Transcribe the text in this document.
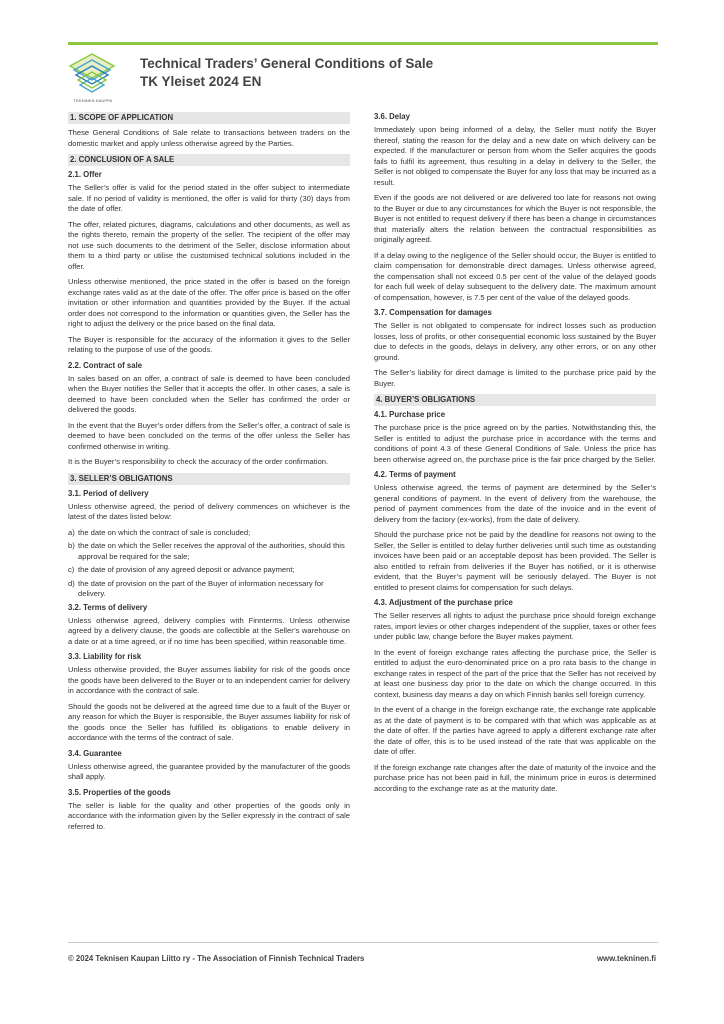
TEKNINEN KAUPPA
Technical Traders’ General Conditions of Sale
TK Yleiset 2024 EN
1. SCOPE OF APPLICATION

These General Conditions of Sale relate to transactions between traders on the domestic market and apply unless otherwise agreed by the Parties.

2. CONCLUSION OF A SALE
2.1. Offer

The Seller’s offer is valid for the period stated in the offer subject to intermediate sale. If no period of validity is mentioned, the offer is valid for thirty (30) days from the date of offer.

The offer, related pictures, diagrams, calculations and other documents, as well as the rights thereto, remain the property of the seller. The recipient of the offer may not use such documents to the detriment of the Seller, disclose information about them to a third party or utilise the customised technical solutions included in the offer.

Unless otherwise mentioned, the price stated in the offer is based on the foreign exchange rates valid as at the date of the offer. The offer price is based on the offer invitation or other information and quantities provided by the Buyer. If the actual order does not correspond to the information or quantities given, the Seller has the right to adjust the delivery or the price based on the final data.

The Buyer is responsible for the accuracy of the information it gives to the Seller relating to the purpose of use of the goods.

2.2. Contract of sale

In sales based on an offer, a contract of sale is deemed to have been concluded when the Buyer notifies the Seller that it accepts the offer. In other cases, a sale is deemed to have been concluded when the Seller has confirmed the order or delivered the goods.

In the event that the Buyer’s order differs from the Seller’s offer, a contract of sale is deemed to have been concluded on the terms of the offer unless the Seller has confirmed otherwise in writing.

It is the Buyer’s responsibility to check the accuracy of the order confirmation.

3. SELLER’S OBLIGATIONS
3.1. Period of delivery

Unless otherwise agreed, the period of delivery commences on whichever is the latest of the dates listed below:

a) the date on which the contract of sale is concluded;
b) the date on which the Seller receives the approval of the authorities, should this approval be required for the sale;
c) the date of provision of any agreed deposit or advance payment;
d) the date of provision on the part of the Buyer of information necessary for delivery.
3.2. Terms of delivery

Unless otherwise agreed, delivery complies with Finnterms. Unless otherwise agreed by a delivery clause, the goods are collectible at the Seller’s warehouse on a date or at a time agreed, or if no time has been specified, within reasonable time.

3.3. Liability for risk

Unless otherwise provided, the Buyer assumes liability for risk of the goods once the goods have been delivered to the Buyer or to an independent carrier for delivery in accordance with the contract of sale.

Should the goods not be delivered at the agreed time due to a fault of the Buyer or any reason for which the Buyer is responsible, the Buyer assumes liability for risk of the goods once the Seller has fulfilled its obligations to enable delivery in accordance with the terms of the contract of sale.

3.4. Guarantee

Unless otherwise agreed, the guarantee provided by the manufacturer of the goods shall apply.

3.5. Properties of the goods

The seller is liable for the quality and other properties of the goods only in accordance with the information given by the Seller expressly in the contract of sale referred to.

3.6. Delay

Immediately upon being informed of a delay, the Seller must notify the Buyer thereof, stating the reason for the delay and a new date on which delivery can be expected. If the manufacturer or person from whom the Seller acquires the goods fails to fulfil its agreement, thus resulting in a delay in delivery to the Seller, the Seller is not obliged to compensate the Buyer for any loss that may be incurred as a result.

Even if the goods are not delivered or are delivered too late for reasons not owing to the Buyer or due to any circumstances for which the Buyer is not responsible, the Buyer is not entitled to request delivery if there has been a change in circumstances that materially alters the relation between the contractual responsibilities as originally agreed.

If a delay owing to the negligence of the Seller should occur, the Buyer is entitled to claim compensation for demonstrable direct damages. Unless otherwise agreed, the compensation shall not exceed 0.5 per cent of the value of the delayed goods for each full week of delay subsequent to the delivery date. The maximum amount of compensation, however, is 7.5 per cent of the value of the delayed goods.

3.7. Compensation for damages

The Seller is not obligated to compensate for indirect losses such as production losses, loss of profits, or other consequential economic loss sustained by the Buyer due to defects in the goods, delays in delivery, any other errors, or on any other ground.

The Seller’s liability for direct damage is limited to the purchase price paid by the Buyer.

4. BUYER’S OBLIGATIONS
4.1. Purchase price

The purchase price is the price agreed on by the parties. Notwithstanding this, the Seller is entitled to adjust the purchase price in accordance with the terms and conditions of point 4.3 of these General Conditions of Sale. Unless the price has been otherwise agreed on, the purchase price is the fair price charged by the Seller.

4.2. Terms of payment

Unless otherwise agreed, the terms of payment are determined by the Seller’s general conditions of payment. In the event of delivery from the warehouse, the period of payment commences from the date of the invoice and in the event of delivery from the factory (ex-works), from the date of delivery.

Should the purchase price not be paid by the deadline for reasons not owing to the Seller, the Seller is entitled to delay further deliveries until such time as outstanding invoices have been paid or an acceptable deposit has been provided. The Seller is also entitled to refrain from deliveries if the Buyer has notified, or it is otherwise evident, that the Buyer’s payment will be seriously delayed. The Buyer is not entitled to present claims for compensation for such delays.

4.3. Adjustment of the purchase price

The Seller reserves all rights to adjust the purchase price should foreign exchange rates, import levies or other charges independent of the supplier, taxes or other fees under public law, change before the Buyer makes payment.

In the event of foreign exchange rates affecting the purchase price, the Seller is entitled to adjust the euro-denominated price on a pro rata basis to the change in exchange rates in respect of the part of the price that the Seller has not received by at least one business day prior to the date on which the change occurred. In this context, business day means a day on which Finnish banks sell foreign currency.

In the event of a change in the foreign exchange rate, the exchange rate applicable as at the date of payment is to be compared with that which was applicable as at the date of offer. If the parties have agreed to apply a different exchange rate after the date of offer, this is to be used instead of the rate that was applicable on the date of offer.

If the foreign exchange rate changes after the date of maturity of the invoice and the purchase price has not been paid in full, the minimum price in euros is determined according to the exchange rate as at the maturity date.

© 2024 Teknisen Kaupan Liitto ry - The Association of Finnish Technical Traders	www.tekninen.fi
